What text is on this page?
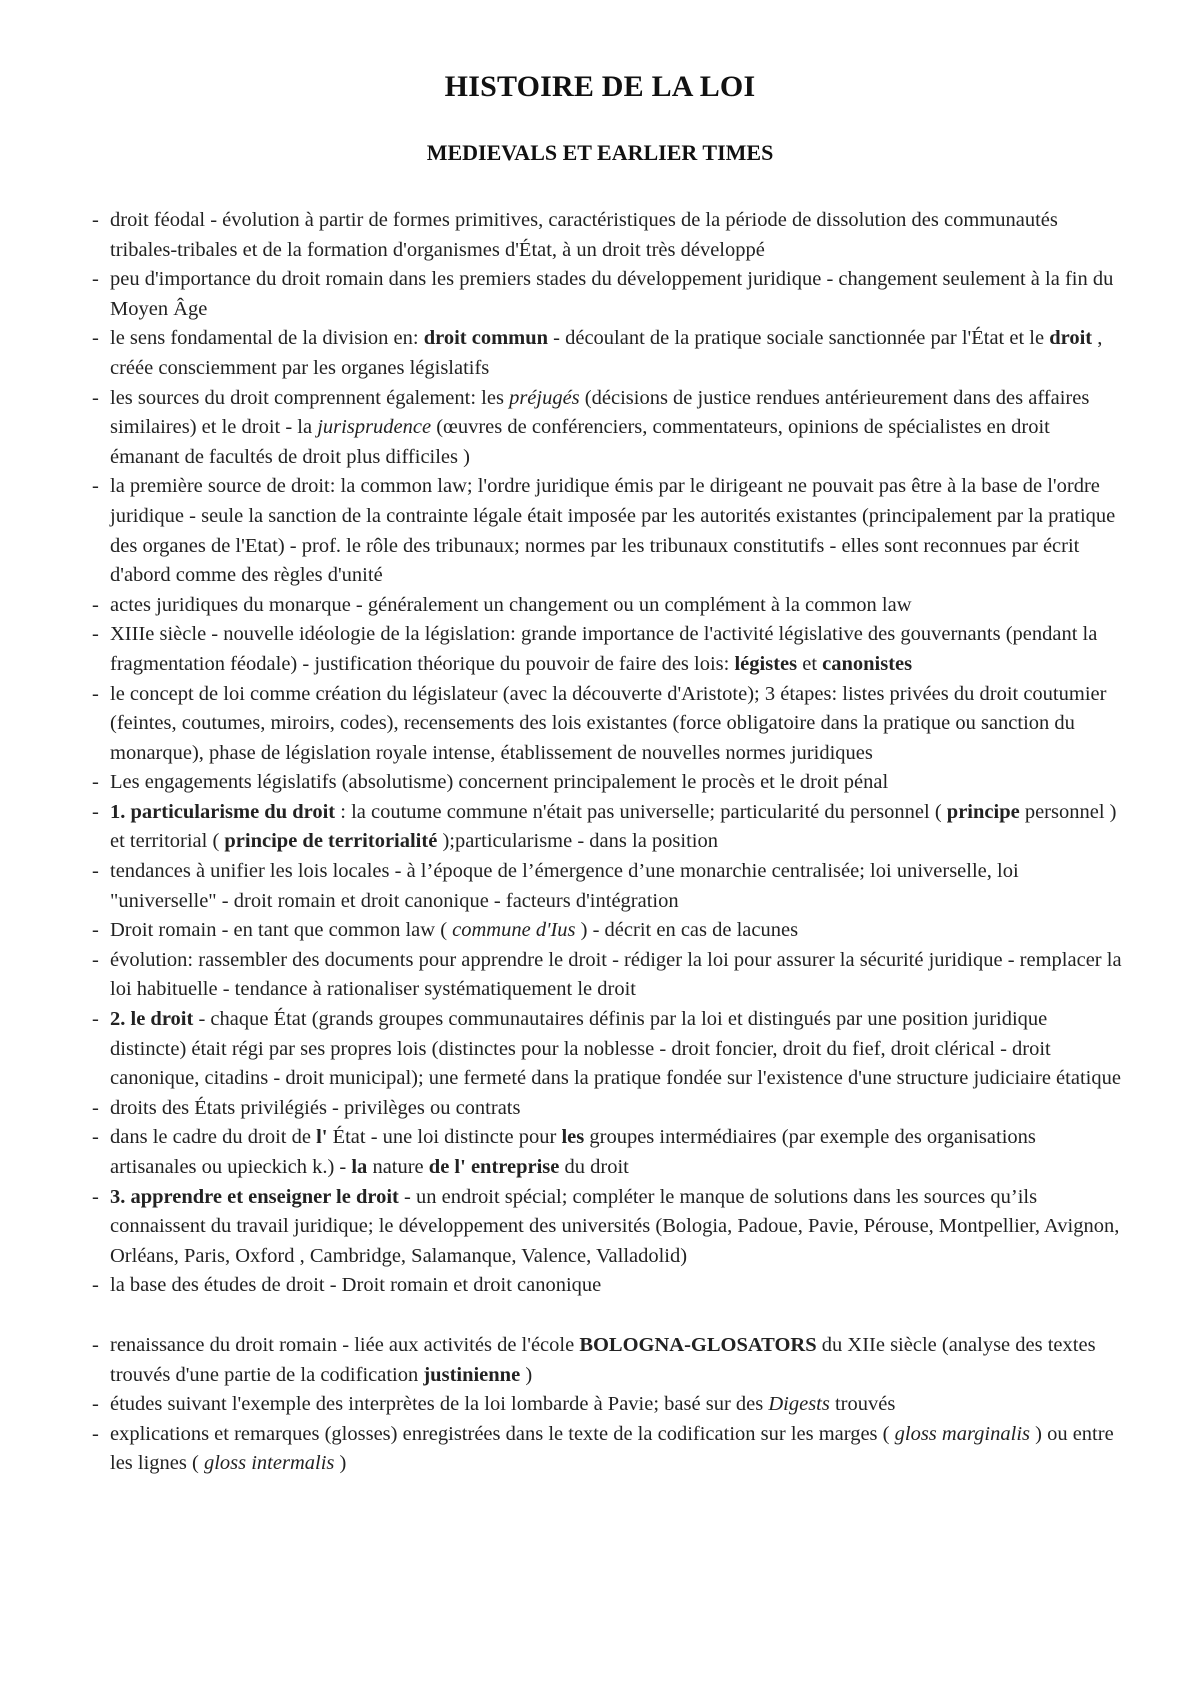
HISTOIRE DE LA LOI
MEDIEVALS ET EARLIER TIMES
- droit féodal - évolution à partir de formes primitives, caractéristiques de la période de dissolution des communautés tribales-tribales et de la formation d'organismes d'État, à un droit très développé
- peu d'importance du droit romain dans les premiers stades du développement juridique - changement seulement à la fin du Moyen Âge
- le sens fondamental de la division en: droit commun - découlant de la pratique sociale sanctionnée par l'État et le droit , créée consciemment par les organes législatifs
- les sources du droit comprennent également: les préjugés (décisions de justice rendues antérieurement dans des affaires similaires) et le droit - la jurisprudence (œuvres de conférenciers, commentateurs, opinions de spécialistes en droit émanant de facultés de droit plus difficiles )
- la première source de droit: la common law; l'ordre juridique émis par le dirigeant ne pouvait pas être à la base de l'ordre juridique - seule la sanction de la contrainte légale était imposée par les autorités existantes (principalement par la pratique des organes de l'Etat) - prof. le rôle des tribunaux; normes par les tribunaux constitutifs - elles sont reconnues par écrit d'abord comme des règles d'unité
- actes juridiques du monarque - généralement un changement ou un complément à la common law
- XIIIe siècle - nouvelle idéologie de la législation: grande importance de l'activité législative des gouvernants (pendant la fragmentation féodale) - justification théorique du pouvoir de faire des lois: légistes et canonistes
- le concept de loi comme création du législateur (avec la découverte d'Aristote); 3 étapes: listes privées du droit coutumier (feintes, coutumes, miroirs, codes), recensements des lois existantes (force obligatoire dans la pratique ou sanction du monarque), phase de législation royale intense, établissement de nouvelles normes juridiques
- Les engagements législatifs (absolutisme) concernent principalement le procès et le droit pénal
- 1. particularisme du droit : la coutume commune n'était pas universelle; particularité du personnel ( principe personnel ) et territorial ( principe de territorialité );particularisme - dans la position
- tendances à unifier les lois locales - à l’époque de l’émergence d’une monarchie centralisée; loi universelle, loi "universelle" - droit romain et droit canonique - facteurs d'intégration
- Droit romain - en tant que common law ( commune d'Ius ) - décrit en cas de lacunes
- évolution: rassembler des documents pour apprendre le droit - rédiger la loi pour assurer la sécurité juridique - remplacer la loi habituelle - tendance à rationaliser systématiquement le droit
- 2. le droit - chaque État (grands groupes communautaires définis par la loi et distingués par une position juridique distincte) était régi par ses propres lois (distinctes pour la noblesse - droit foncier, droit du fief, droit clérical - droit canonique, citadins - droit municipal); une fermeté dans la pratique fondée sur l'existence d'une structure judiciaire étatique
- droits des États privilégiés - privilèges ou contrats
- dans le cadre du droit de l' État - une loi distincte pour les groupes intermédiaires (par exemple des organisations artisanales ou upieckich k.) - la nature de l' entreprise du droit
- 3. apprendre et enseigner le droit - un endroit spécial; compléter le manque de solutions dans les sources qu’ils connaissent du travail juridique; le développement des universités (Bologia, Padoue, Pavie, Pérouse, Montpellier, Avignon, Orléans, Paris, Oxford , Cambridge, Salamanque, Valence, Valladolid)
- la base des études de droit - Droit romain et droit canonique
- renaissance du droit romain - liée aux activités de l'école BOLOGNA-GLOSATORS du XIIe siècle (analyse des textes trouvés d'une partie de la codification justinienne )
- études suivant l'exemple des interprètes de la loi lombarde à Pavie; basé sur des Digests trouvés
- explications et remarques (glosses) enregistrées dans le texte de la codification sur les marges ( gloss marginalis ) ou entre les lignes ( gloss intermalis )
